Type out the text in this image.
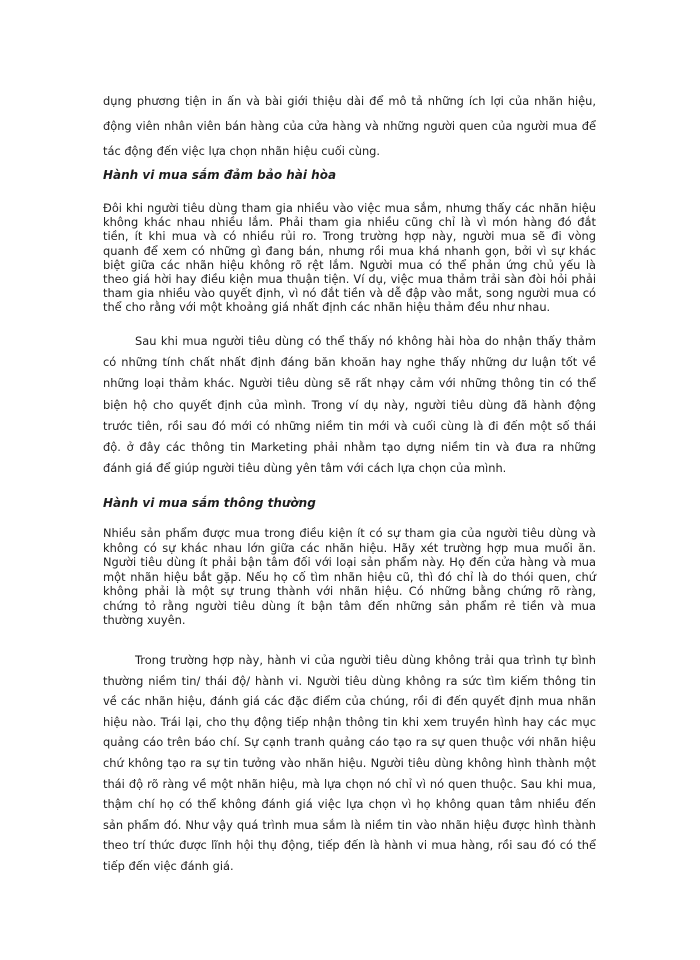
dụng phương tiện in ấn và bài giới thiệu dài để mô tả những ích lợi của nhãn hiệu,
động viên nhân viên bán hàng của cửa hàng và những người quen của người mua để
tác động đến việc lựa chọn nhãn hiệu cuối cùng.
Hành vi mua sắm đảm bảo hài hòa
Đôi khi người tiêu dùng tham gia nhiều vào việc mua sắm, nhưng thấy các nhãn hiệu
không khác nhau nhiều lắm. Phải tham gia nhiều cũng chỉ là vì món hàng đó đắt
tiền, ít khi mua và có nhiều rủi ro. Trong trường hợp này, người mua sẽ đi vòng
quanh để xem có những gì đang bán, nhưng rồi mua khá nhanh gọn, bởi vì sự khác
biệt giữa các nhãn hiệu không rõ rệt lắm. Người mua có thể phản ứng chủ yếu là
theo giá hời hay điều kiện mua thuận tiện. Ví dụ, việc mua thảm trải sàn đòi hỏi phải
tham gia nhiều vào quyết định, vì nó đắt tiền và dễ đập vào mắt, song người mua có
thể cho rằng với một khoảng giá nhất định các nhãn hiệu thảm đều như nhau.
Sau khi mua người tiêu dùng có thể thấy nó không hài hòa do nhận thấy thảm
có những tính chất nhất định đáng băn khoăn hay nghe thấy những dư luận tốt về
những loại thảm khác. Người tiêu dùng sẽ rất nhạy cảm với những thông tin có thể
biện hộ cho quyết định của mình. Trong ví dụ này, người tiêu dùng đã hành động
trước tiên, rồi sau đó mới có những niềm tin mới và cuối cùng là đi đến một số thái
độ. ở đây các thông tin Marketing phải nhằm tạo dựng niềm tin và đưa ra những
đánh giá để giúp người tiêu dùng yên tâm với cách lựa chọn của mình.
Hành vi mua sắm thông thường
Nhiều sản phẩm được mua trong điều kiện ít có sự tham gia của người tiêu dùng và
không có sự khác nhau lớn giữa các nhãn hiệu. Hãy xét trường hợp mua muối ăn.
Người tiêu dùng ít phải bận tâm đối với loại sản phẩm này. Họ đến cửa hàng và mua
một nhãn hiệu bắt gặp. Nếu họ cố tìm nhãn hiệu cũ, thì đó chỉ là do thói quen, chứ
không phải là một sự trung thành với nhãn hiệu. Có những bằng chứng rõ ràng,
chứng tỏ rằng người tiêu dùng ít bận tâm đến những sản phẩm rẻ tiền và mua
thường xuyên.
Trong trường hợp này, hành vi của người tiêu dùng không trải qua trình tự bình
thường niềm tin/ thái độ/ hành vi. Người tiêu dùng không ra sức tìm kiếm thông tin
về các nhãn hiệu, đánh giá các đặc điểm của chúng, rồi đi đến quyết định mua nhãn
hiệu nào. Trái lại, cho thụ động tiếp nhận thông tin khi xem truyền hình hay các mục
quảng cáo trên báo chí. Sự cạnh tranh quảng cáo tạo ra sự quen thuộc với nhãn hiệu
chứ không tạo ra sự tin tưởng vào nhãn hiệu. Người tiêu dùng không hình thành một
thái độ rõ ràng về một nhãn hiệu, mà lựa chọn nó chỉ vì nó quen thuộc. Sau khi mua,
thậm chí họ có thể không đánh giá việc lựa chọn vì họ không quan tâm nhiều đến
sản phẩm đó. Như vậy quá trình mua sắm là niềm tin vào nhãn hiệu được hình thành
theo trí thức được lĩnh hội thụ động, tiếp đến là hành vi mua hàng, rồi sau đó có thể
tiếp đến việc đánh giá.
